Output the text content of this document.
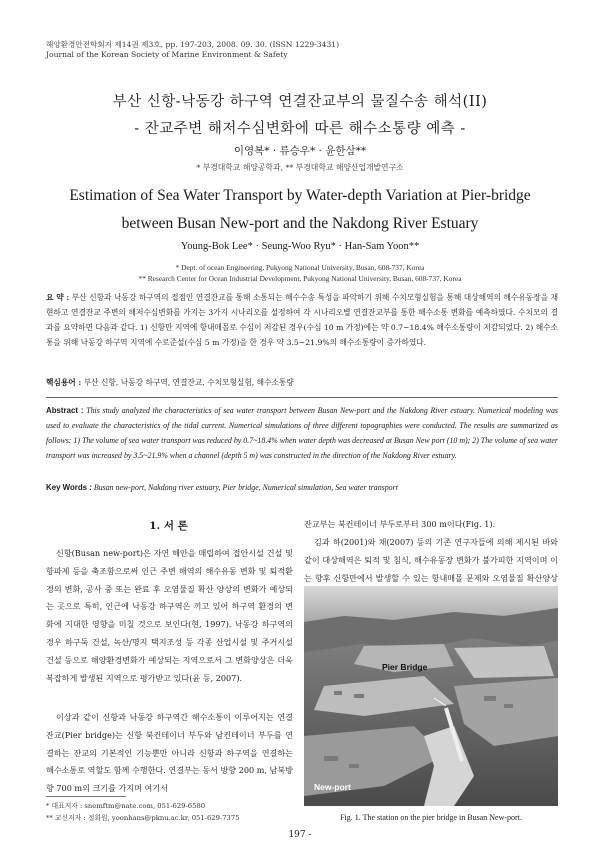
해양환경안전학회지 제14권 제3호, pp. 197-203, 2008. 09. 30. (ISSN 1229-3431)
Journal of the Korean Society of Marine Environment & Safety
부산 신항-낙동강 하구역 연결잔교부의 물질수송 해석(II)
- 잔교주변 해저수심변화에 따른 해수소통량 예측 -
이영복* · 류승우* · 윤한삼**
* 부경대학교 해양공학과, ** 부경대학교 해양산업개발연구소
Estimation of Sea Water Transport by Water-depth Variation at Pier-bridge
between Busan New-port and the Nakdong River Estuary
Young-Bok Lee* · Seung-Woo Ryu* · Han-Sam Yoon**
* Dept. of ocean Engineering, Pukyong National University, Busan, 608-737, Korea
** Research Center for Ocean Industrial Development, Pukyong National University, Busan, 608-737, Korea
요 약 : 부산 신항과 낙동강 하구역의 접점인 연결잔교를 통해 소통되는 해수수송 특성을 파악하기 위해 수치모형실험을 통해 대상해역의 해수유동장을 재현하고 연결잔교 주변의 해저수심변화를 가지는 3가지 시나리오를 설정하여 각 시나리오별 연결잔교부를 통한 해수소통 변화를 예측하였다. 수치모의 결과를 요약하면 다음과 같다. 1) 신항만 지역에 항내매몰로 수심이 저감된 경우(수심 10 m 가정)에는 약 0.7~18.4% 해수소통량이 저감되었다. 2) 해수소통을 위해 낙동강 하구역 지역에 수로준설(수심 5 m 가정)을 한 경우 약 3.5~21.9%의 해수소통량이 증가하였다.
핵심용어 : 부산 신항, 낙동강 하구역, 연결잔교, 수치모형실험, 해수소통량
Abstract : This study analyzed the characteristics of sea water transport between Busan New-port and the Nakdong River estuary. Numerical modeling was used to evaluate the characteristics of the tidal current. Numerical simulations of three different topographies were conducted. The results are summarized as follows: 1) The volume of sea water transport was reduced by 0.7~18.4% when water depth was decreased at Busan New port (10 m); 2) The volume of sea water transport was increased by 3.5~21.9% when a channel (depth 5 m) was constructed in the direction of the Nakdong River estuary.
Key Words : Busan new-port, Nakdong river estuary, Pier bridge, Numerical simulation, Sea water transport
1. 서 론
신항(Busan new-port)은 자연 해안을 매립하여 접안시설 건설 및 항파제 등을 축조함으로써 인근 주변 해역의 해수유동 변화 및 퇴적환경의 변화, 공사 중 또는 완료 후 오염물질 확산 양상의 변화가 예상되는 곳으로 특히, 인근에 낙동강 하구역은 끼고 있어 하구역 환경의 변화에 지대한 영향을 미칠 것으로 보인다(현, 1997). 낙동강 하구역의 경우 하구둑 건설, 녹산/명지 택지조성 등 각종 산업시설 및 주거시설 건설 등으로 해양환경변화가 예상되는 지역으로서 그 변화양상은 더욱 복잡하게 발생된 지역으로 평가받고 있다(윤 등, 2007).
이상과 같이 신항과 낙동강 하구역간 해수소통이 이루어지는 연결 잔교(Pier bridge)는 신항 북컨테이너 부두와 남컨테이너 부두를 연결하는 잔교의 기본적인 기능뿐만 아니라 신항과 하구역을 연결하는 해수소통로 역할도 함께 수행한다. 연결부는 동서 방향 200 m, 남북방향 700 m의 크기를 가지며 여기서
잔교부는 북컨테이너 부두로부터 300 m이다(Fig. 1).
김과 하(2001)와 채(2007) 등의 기존 연구자들에 의해 제시된 바와 같이 대상해역은 퇴적 및 침식, 해수유동장 변화가 불가피한 지역이며 이는 향후 신항만에서 발생할 수 있는 항내매몰 문제와 오염물질 확산양상
Pier Bridge
New-port
Fig. 1. The station on the pier bridge in Busan New-port.
* 대표저자 : snemftm@nate.com, 051-629-6580
** 교신저자 : 정회원, yoonhans@pknu.ac.kr, 051-629-7375
197 -
